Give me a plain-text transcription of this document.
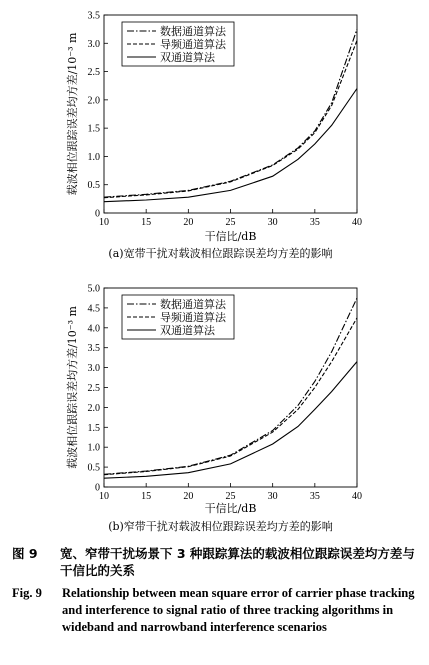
10	15	20	25	30	35	40
0
0.5
1.0
1.5
2.0
2.5
3.0
3.5
干信比/dB
载波相位跟踪误差均方差/10⁻³ m
数据通道算法
导频通道算法
双通道算法
(a)宽带干扰对载波相位跟踪误差均方差的影响
10	15	20	25	30	35	40
0
0.5
1.0
1.5
2.0
2.5
3.0
3.5
4.0
4.5
5.0
干信比/dB
载波相位跟踪误差均方差/10⁻³ m
数据通道算法
导频通道算法
双通道算法
(b)窄带干扰对载波相位跟踪误差均方差的影响
图 9	宽、窄带干扰场景下 3 种跟踪算法的载波相位跟踪误差均方差与干信比的关系
Fig. 9	Relationship between mean square error of carrier phase tracking and interference to signal ratio of three tracking algorithms in wideband and narrowband interference scenarios
